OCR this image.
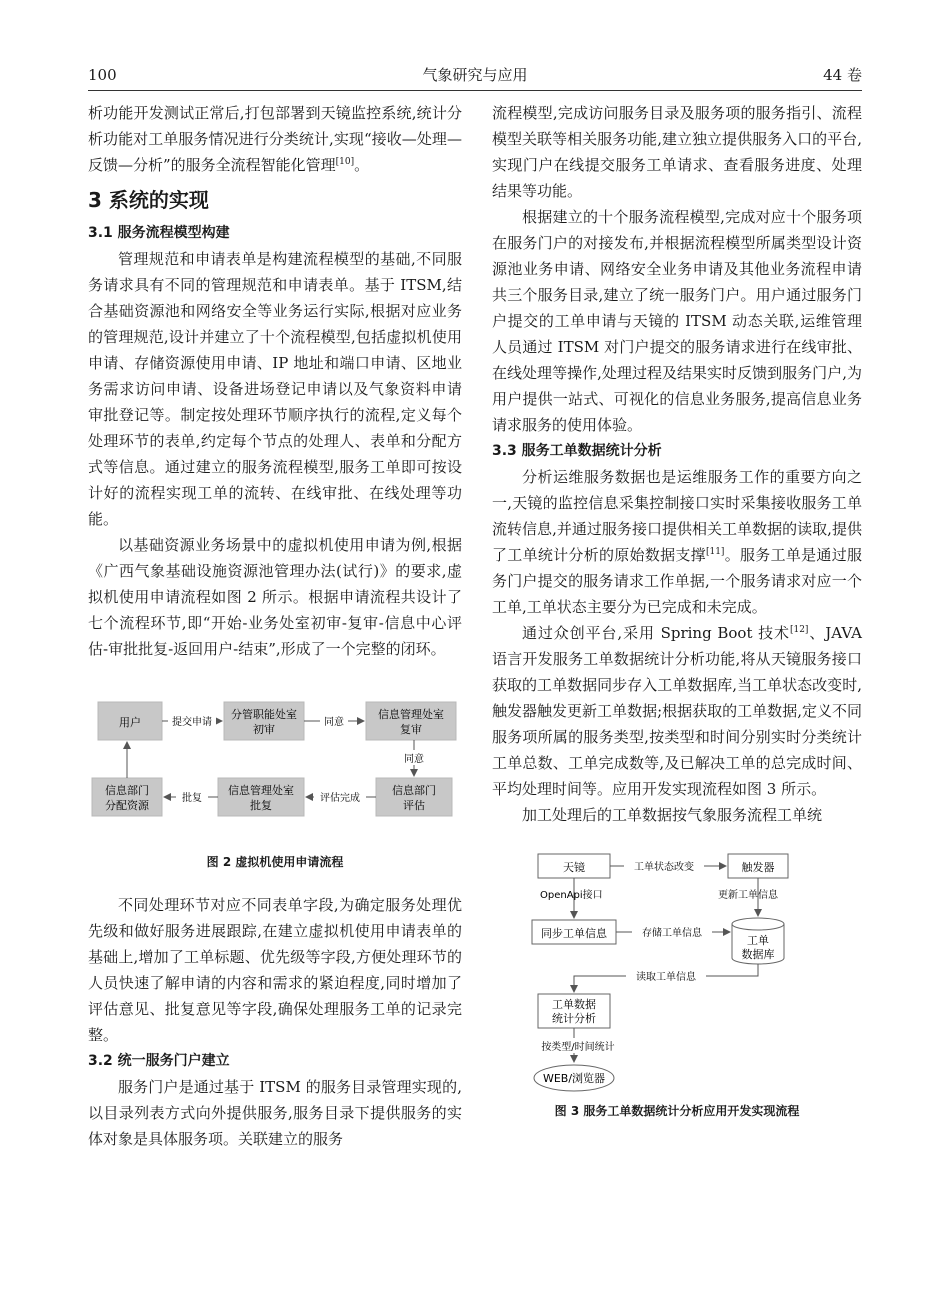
100	气象研究与应用	44 卷

析功能开发测试正常后,打包部署到天镜监控系统,统计分析功能对工单服务情况进行分类统计,实现“接收—处理—反馈—分析”的服务全流程智能化管理[10]。

3 系统的实现
3.1 服务流程模型构建

管理规范和申请表单是构建流程模型的基础,不同服务请求具有不同的管理规范和申请表单。基于 ITSM,结合基础资源池和网络安全等业务运行实际,根据对应业务的管理规范,设计并建立了十个流程模型,包括虚拟机使用申请、存储资源使用申请、IP 地址和端口申请、区地业务需求访问申请、设备进场登记申请以及气象资料申请审批登记等。制定按处理环节顺序执行的流程,定义每个处理环节的表单,约定每个节点的处理人、表单和分配方式等信息。通过建立的服务流程模型,服务工单即可按设计好的流程实现工单的流转、在线审批、在线处理等功能。

以基础资源业务场景中的虚拟机使用申请为例,根据《广西气象基础设施资源池管理办法(试行)》的要求,虚拟机使用申请流程如图 2 所示。根据申请流程共设计了七个流程环节,即“开始-业务处室初审-复审-信息中心评估-审批批复-返回用户-结束”,形成了一个完整的闭环。

用户
分管职能处室
初审
信息管理处室
复审
信息部门
评估
信息管理处室
批复
信息部门
分配资源
提交申请	同意
同意
评估完成
批复
图 2 虚拟机使用申请流程

不同处理环节对应不同表单字段,为确定服务处理优先级和做好服务进展跟踪,在建立虚拟机使用申请表单的基础上,增加了工单标题、优先级等字段,方便处理环节的人员快速了解申请的内容和需求的紧迫程度,同时增加了评估意见、批复意见等字段,确保处理服务工单的记录完整。

3.2 统一服务门户建立

服务门户是通过基于 ITSM 的服务目录管理实现的,以目录列表方式向外提供服务,服务目录下提供服务的实体对象是具体服务项。关联建立的服务

流程模型,完成访问服务目录及服务项的服务指引、流程模型关联等相关服务功能,建立独立提供服务入口的平台,实现门户在线提交服务工单请求、查看服务进度、处理结果等功能。

根据建立的十个服务流程模型,完成对应十个服务项在服务门户的对接发布,并根据流程模型所属类型设计资源池业务申请、网络安全业务申请及其他业务流程申请共三个服务目录,建立了统一服务门户。用户通过服务门户提交的工单申请与天镜的 ITSM 动态关联,运维管理人员通过 ITSM 对门户提交的服务请求进行在线审批、在线处理等操作,处理过程及结果实时反馈到服务门户,为用户提供一站式、可视化的信息业务服务,提高信息业务请求服务的使用体验。

3.3 服务工单数据统计分析

分析运维服务数据也是运维服务工作的重要方向之一,天镜的监控信息采集控制接口实时采集接收服务工单流转信息,并通过服务接口提供相关工单数据的读取,提供了工单统计分析的原始数据支撑[11]。服务工单是通过服务门户提交的服务请求工作单据,一个服务请求对应一个工单,工单状态主要分为已完成和未完成。

通过众创平台,采用 Spring Boot 技术[12]、JAVA 语言开发服务工单数据统计分析功能,将从天镜服务接口获取的工单数据同步存入工单数据库,当工单状态改变时,触发器触发更新工单数据;根据获取的工单数据,定义不同服务项所属的服务类型,按类型和时间分别实时分类统计工单总数、工单完成数等,及已解决工单的总完成时间、平均处理时间等。应用开发实现流程如图 3 所示。

加工处理后的工单数据按气象服务流程工单统

天镜	触发器
工单状态改变
OpenApi接口	更新工单信息
同步工单信息
工单
数据库
存储工单信息
读取工单信息
工单数据
统计分析
按类型/时间统计
WEB/浏览器
图 3 服务工单数据统计分析应用开发实现流程
